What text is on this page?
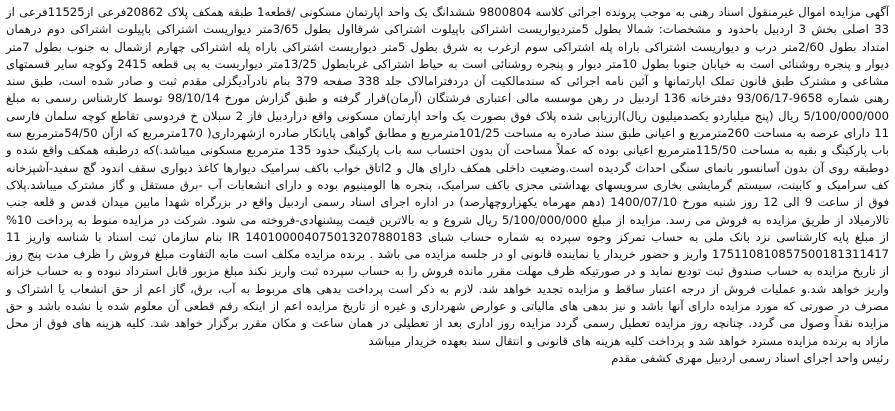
آگهی مزایده اموال غیرمنقول اسناد رهنی به موجب پرونده اجرائی کلاسه 9800804 ششدانگ یک واحد اپارتمان مسکونی /قطعه1 طبقه همکف پلاک 20862فرعی از11525فرعی از 33 اصلی بخش 3 اردبیل باحدود و مشخصات: شمالا بطول 5متردیواریست اشتراکی باپیلوت اشتراکی شرقااول بطول 3/65متر دیواریست اشتراکی باپیلوت اشتراکی دوم درهمان امتداد بطول 2/60متر درب و دیواریست اشتراکی باراه پله اشتراکی سوم ازغرب به شرق بطول 5متر دیواریست اشتراکی باراه پله اشتراکی چهارم ازشمال به جنوب بطول 7متر دیوار و پنجره روشنائی است به خیابان جنوبا بطول 10متر دیوار و پنجره روشنائی است به حیاط اشتراکی غربابطول 13/25متر دیواریست به پی قطعه 2415 وکوچه سایر قسمتهای مشاعی و مشترک طبق قانون تملک اپارتمانها و آئین نامه اجرائی که سندمالکیت آن دردفترامالاک جلد 338 صفحه 379 بنام نادرآدیگزلی مقدم ثبت و صادر شده است، طبق سند رهنی شماره 9658-93/06/17 دفترخانه 136 اردبیل در رهن موسسه مالی اعتباری فرشتگان (آرمان)قرار گرفته و طبق گزارش مورخ 98/10/14 توسط کارشناس رسمی به مبلغ 5/100/000/000 ریال (پنج میلیاردو یکصدمیلیون ریال)ارزیابی شده پلاک فوق بصورت یک واحد اپارتمان مسکونی واقع دراردبیل فاز 2 سبلان خ فردوسی تقاطع کوچه سلمان فارسی 11 دارای عرصه به مساحت 260مترمربع و اعیانی طبق سند صادره به مساحت 101/25مترمربع و مطابق گواهی پایانکار صادره ازشهرداری( 170مترمربع که ازآن 54/50مترمربع سه باب پارکینگ و بقیه به مساحت 115/50مترمربع اعیانی بوده که عملاً مساحت آن بدون احتساب سه باب پارکینگ حدود 135 مترمربع مسکونی میباشد.)که درطبقه همکف واقع شده و دوطبقه روی آن بدون آسانسور بانمای سنگی احداث گردیده است.وضعیت داخلی همکف دارای هال و 2اتاق خواب باکف سرامیک دیوارها کاغذ دیواری سقف اندود گچ سفید-آشپزخانه کف سرامیک و کابینت، سیستم گرمایشی بخاری سرویسهای بهداشتی مجزی باکف سرامیک، پنجره ها الومینیوم بوده و دارای انشعابات آب -برق مستقل و گاز مشترک میباشد.پلاک فوق از ساعت 9 الی 12 روز شنبه مورخ 1400/07/10 (دهم مهرماه یکهزاروچهارصد) در اداره اجرای اسناد رسمی اردبیل واقع در بزرگراه شهدا مابین میدان قدس و قلعه جنب تالارمیلاد از طریق مزایده به فروش می رسد. مزایده از مبلغ 5/100/000/000 ریال شروع و به بالاترین قیمت پیشنهادی-فروخته می شود. شرکت در مزایده منوط به پرداخت 10% از مبلغ پایه کارشناسی نزد بانک ملی به حساب تمرکز وجوه سپرده به شماره حساب شبای 140100004075013207880183 IR بنام سازمان ثبت اسناد با شناسه واریز 11 175110810857500181311417 واریز و حضور خریدار یا نماینده قانونی او در جلسه مزایده می باشد . برنده مزایده مکلف است مابه التفاوت مبلغ فروش را ظرف مدت پنج روز از تاریخ مزایده به حساب صندوق ثبت تودیع نماید و در صورتیکه ظرف مهلت مقرر مانده فروش را به حساب سپرده ثبت واریز نکند مبلغ مزبور قابل استرداد نبوده و به حساب خزانه واریز خواهد شد.و عملیات فروش از درجه اعتبار ساقط و مزایده تجدید خواهد شد. لازم به ذکر است پرداخت بدهی های مربوط به آب، برق، گاز اعم از حق انشعاب یا اشتراک و مصرف در صورتی که مورد مزایده دارای آنها باشد و نیز بدهی های مالیاتی و عوارض شهرداری و غیره از تاریخ مزایده اعم از اینکه رقم قطعی آن معلوم شده یا نشده باشد و حق مزایده نقداً وصول می گردد. چنانچه روز مزایده تعطیل رسمی گردد مزایده روز اداری بعد از تعطیلی در همان ساعت و مکان مقرر برگزار خواهد شد. کلیه هزینه های فوق از محل مازاد به برنده مزایده مسترد خواهد شد و پرداخت کلیه هزینه های قانونی و انتقال سند بعهده خریدار میباشد

رئیس واحد اجرای اسناد رسمی اردبیل مهری کشفی مقدم
